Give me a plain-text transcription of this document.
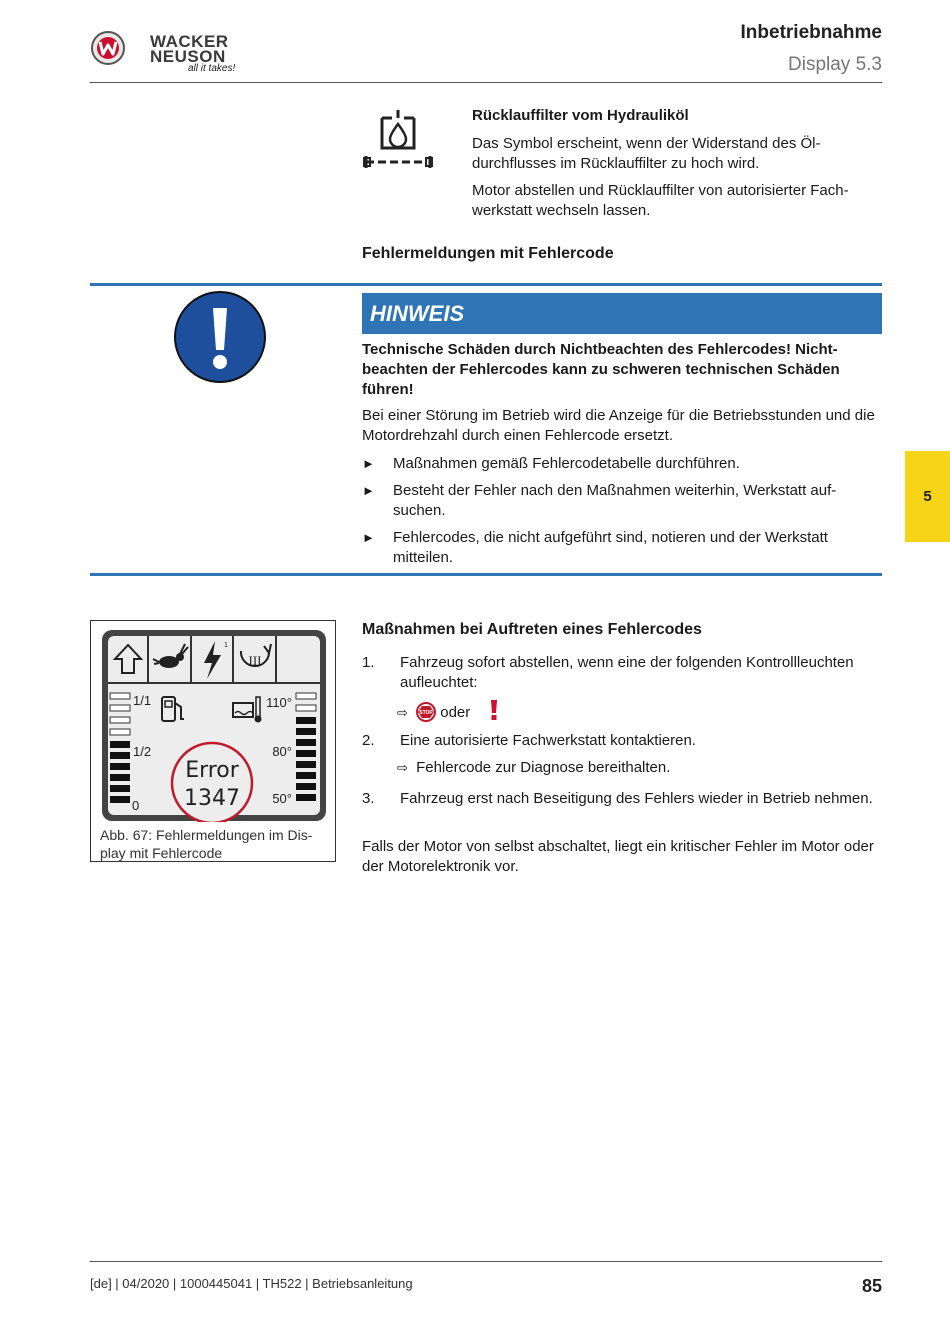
WACKER
NEUSON
all it takes!
Inbetriebnahme
Display 5.3
Rücklauffilter vom Hydrauliköl
Das Symbol erscheint, wenn der Widerstand des Öldurchflusses im Rücklauffilter zu hoch wird.
Motor abstellen und Rücklauffilter von autorisierter Fachwerkstatt wechseln lassen.
Fehlermeldungen mit Fehlercode
HINWEIS
Technische Schäden durch Nichtbeachten des Fehlercodes! Nichtbeachten der Fehlercodes kann zu schweren technischen Schäden führen!
Bei einer Störung im Betrieb wird die Anzeige für die Betriebsstunden und die Motordrehzahl durch einen Fehlercode ersetzt.
► Maßnahmen gemäß Fehlercodetabelle durchführen.
► Besteht der Fehler nach den Maßnahmen weiterhin, Werkstatt aufsuchen.
► Fehlercodes, die nicht aufgeführt sind, notieren und der Werkstatt mitteilen.
5
1
III
1/1
1/2
0
110°
80°
50°
Error
1347
Abb. 67: Fehlermeldungen im Display mit Fehlercode
Maßnahmen bei Auftreten eines Fehlercodes
1. Fahrzeug sofort abstellen, wenn eine der folgenden Kontrollleuchten aufleuchtet:
⇨ STOP oder
2. Eine autorisierte Fachwerkstatt kontaktieren.
⇨ Fehlercode zur Diagnose bereithalten.
3. Fahrzeug erst nach Beseitigung des Fehlers wieder in Betrieb nehmen.
Falls der Motor von selbst abschaltet, liegt ein kritischer Fehler im Motor oder der Motorelektronik vor.
[de] | 04/2020 | 1000445041 | TH522 | Betriebsanleitung	85
